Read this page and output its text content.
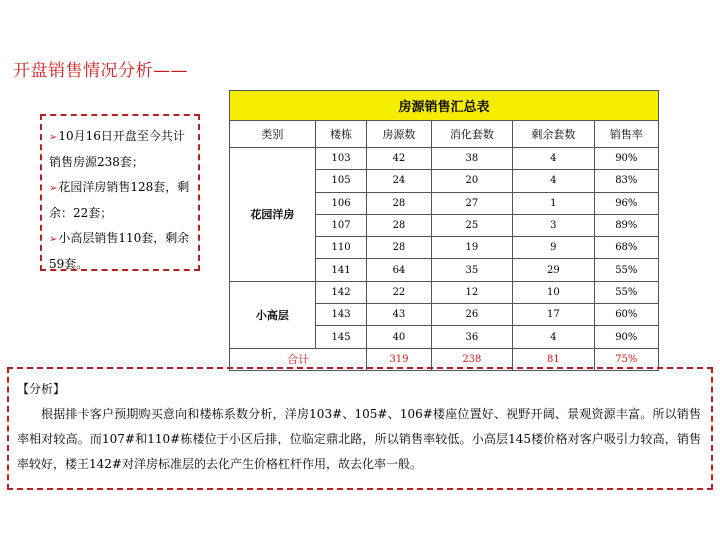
开盘销售情况分析——

➢10月16日开盘至今共计销售房源238套；

➢花园洋房销售128套，剩余：22套；

➢小高层销售110套，剩余59套。

房源销售汇总表					
类别	楼栋	房源数	消化套数	剩余套数	销售率
花园洋房	103	42	38	4	90%
	105	24	20	4	83%
	106	28	27	1	96%
	107	28	25	3	89%
	110	28	19	9	68%
	141	64	35	29	55%
小高层	142	22	12	10	55%
	143	43	26	17	60%
	145	40	36	4	90%
合计		319	238	81	75%
【分析】
根据排卡客户预期购买意向和楼栋系数分析，洋房103#、105#、106#楼座位置好、视野开阔、景观资源丰富。所以销售率相对较高。而107#和110#栋楼位于小区后排，位临定鼎北路，所以销售率较低。小高层145楼价格对客户吸引力较高，销售率较好，楼王142#对洋房标准层的去化产生价格杠杆作用，故去化率一般。
